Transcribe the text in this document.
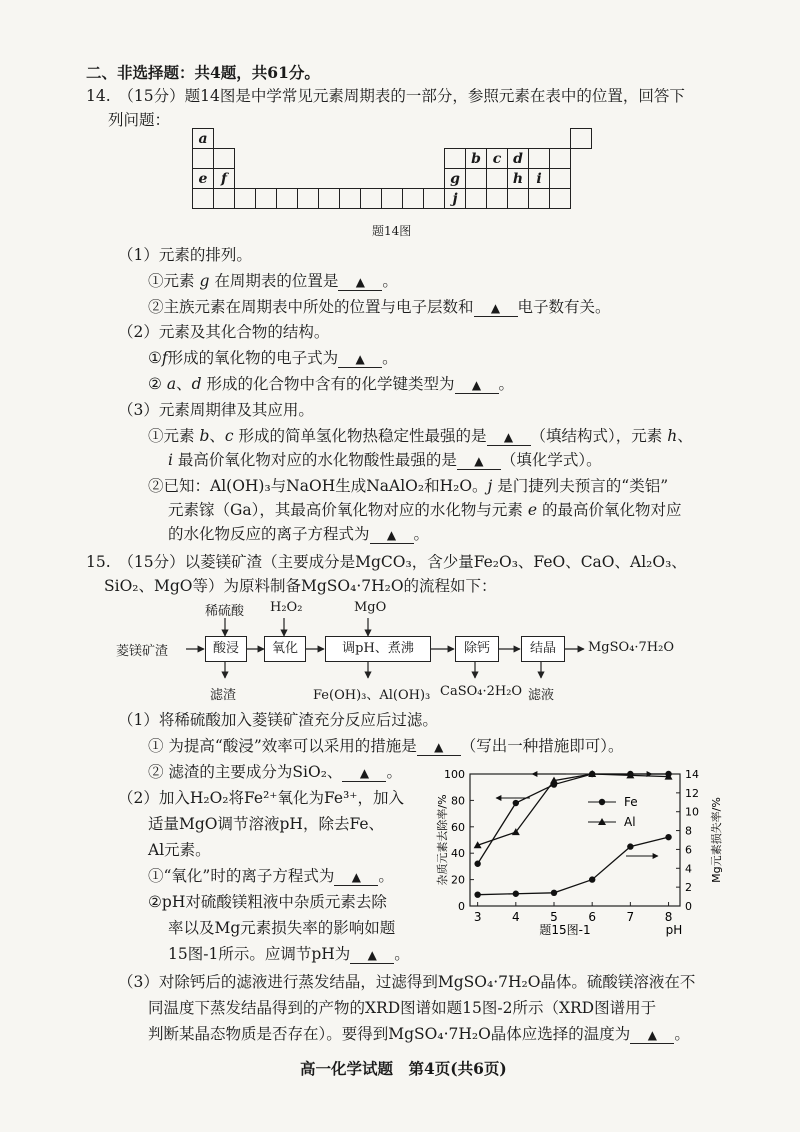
二、非选择题：共4题，共61分。
14.　（15分）题14图是中学常见元素周期表的一部分，参照元素在表中的位置，回答下
列问题：
a																		
													b	c	d			
e	f											g			h	i		
												j						
题14图
（1）元素的排列。
①元素 g 在周期表的位置是 ▲ 。
②主族元素在周期表中所处的位置与电子层数和 ▲ 电子数有关。
（2）元素及其化合物的结构。
①f形成的氧化物的电子式为 ▲ 。
② a、d 形成的化合物中含有的化学键类型为 ▲ 。
（3）元素周期律及其应用。
①元素 b、c 形成的简单氢化物热稳定性最强的是 ▲ （填结构式），元素 h、
i 最高价氧化物对应的水化物酸性最强的是 ▲ （填化学式）。
②已知：Al(OH)₃与NaOH生成NaAlO₂和H₂O。j 是门捷列夫预言的“类铝”
元素镓（Ga），其最高价氧化物对应的水化物与元素 e 的最高价氧化物对应
的水化物反应的离子方程式为 ▲ 。
15.　（15分）以菱镁矿渣（主要成分是MgCO₃，含少量Fe₂O₃、FeO、CaO、Al₂O₃、
SiO₂、MgO等）为原料制备MgSO₄·7H₂O的流程如下：
菱镁矿渣	酸浸	氧化	调pH、煮沸	除钙	结晶	MgSO₄·7H₂O
稀硫酸 H₂O₂	MgO
滤渣	Fe(OH)₃、Al(OH)₃ CaSO₄·2H₂O 滤液
（1）将稀硫酸加入菱镁矿渣充分反应后过滤。
① 为提高“酸浸”效率可以采用的措施是 ▲ （写出一种措施即可）。
② 滤渣的主要成分为SiO₂、 ▲ 。
（2）加入H₂O₂将Fe²⁺氧化为Fe³⁺，加入
适量MgO调节溶液pH，除去Fe、
Al元素。
①“氧化”时的离子方程式为 ▲ 。
②pH对硫酸镁粗液中杂质元素去除
率以及Mg元素损失率的影响如题
15图-1所示。应调节pH为 ▲ 。
3	4	5	6	7	8
0
20
40
60
80
100
0
2
4
6
8
10
12
14
Fe
Al
杂质元素去除率/%	Mg元素损失率/%
pH
题15图-1
（3）对除钙后的滤液进行蒸发结晶，过滤得到MgSO₄·7H₂O晶体。硫酸镁溶液在不
同温度下蒸发结晶得到的产物的XRD图谱如题15图-2所示（XRD图谱用于
判断某晶态物质是否存在）。要得到MgSO₄·7H₂O晶体应选择的温度为 ▲ 。
高一化学试题　第4页(共6页)
